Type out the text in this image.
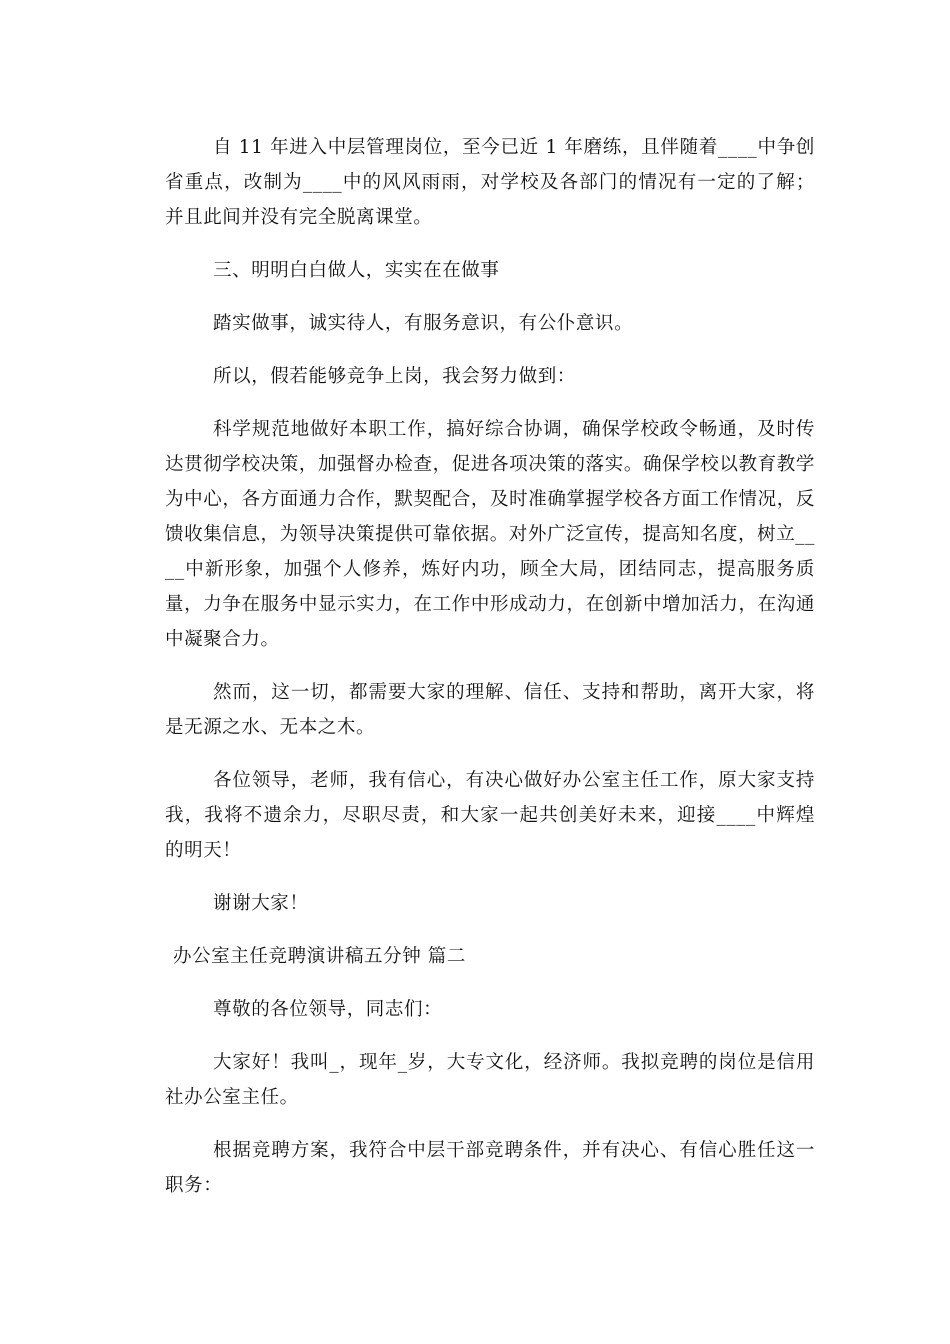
自 11 年进入中层管理岗位，至今已近 1 年磨练，且伴随着____中争创省重点，改制为____中的风风雨雨，对学校及各部门的情况有一定的了解；并且此间并没有完全脱离课堂。

三、明明白白做人，实实在在做事

踏实做事，诚实待人，有服务意识，有公仆意识。

所以，假若能够竞争上岗，我会努力做到：

科学规范地做好本职工作，搞好综合协调，确保学校政令畅通，及时传达贯彻学校决策，加强督办检查，促进各项决策的落实。确保学校以教育教学为中心，各方面通力合作，默契配合，及时准确掌握学校各方面工作情况，反馈收集信息，为领导决策提供可靠依据。对外广泛宣传，提高知名度，树立____中新形象，加强个人修养，炼好内功，顾全大局，团结同志，提高服务质量，力争在服务中显示实力，在工作中形成动力，在创新中增加活力，在沟通中凝聚合力。

然而，这一切，都需要大家的理解、信任、支持和帮助，离开大家，将是无源之水、无本之木。

各位领导，老师，我有信心，有决心做好办公室主任工作，原大家支持我，我将不遗余力，尽职尽责，和大家一起共创美好未来，迎接____中辉煌的明天！

谢谢大家！

办公室主任竞聘演讲稿五分钟 篇二

尊敬的各位领导，同志们：

大家好！我叫_，现年_岁，大专文化，经济师。我拟竞聘的岗位是信用社办公室主任。

根据竞聘方案，我符合中层干部竞聘条件，并有决心、有信心胜任这一职务：
